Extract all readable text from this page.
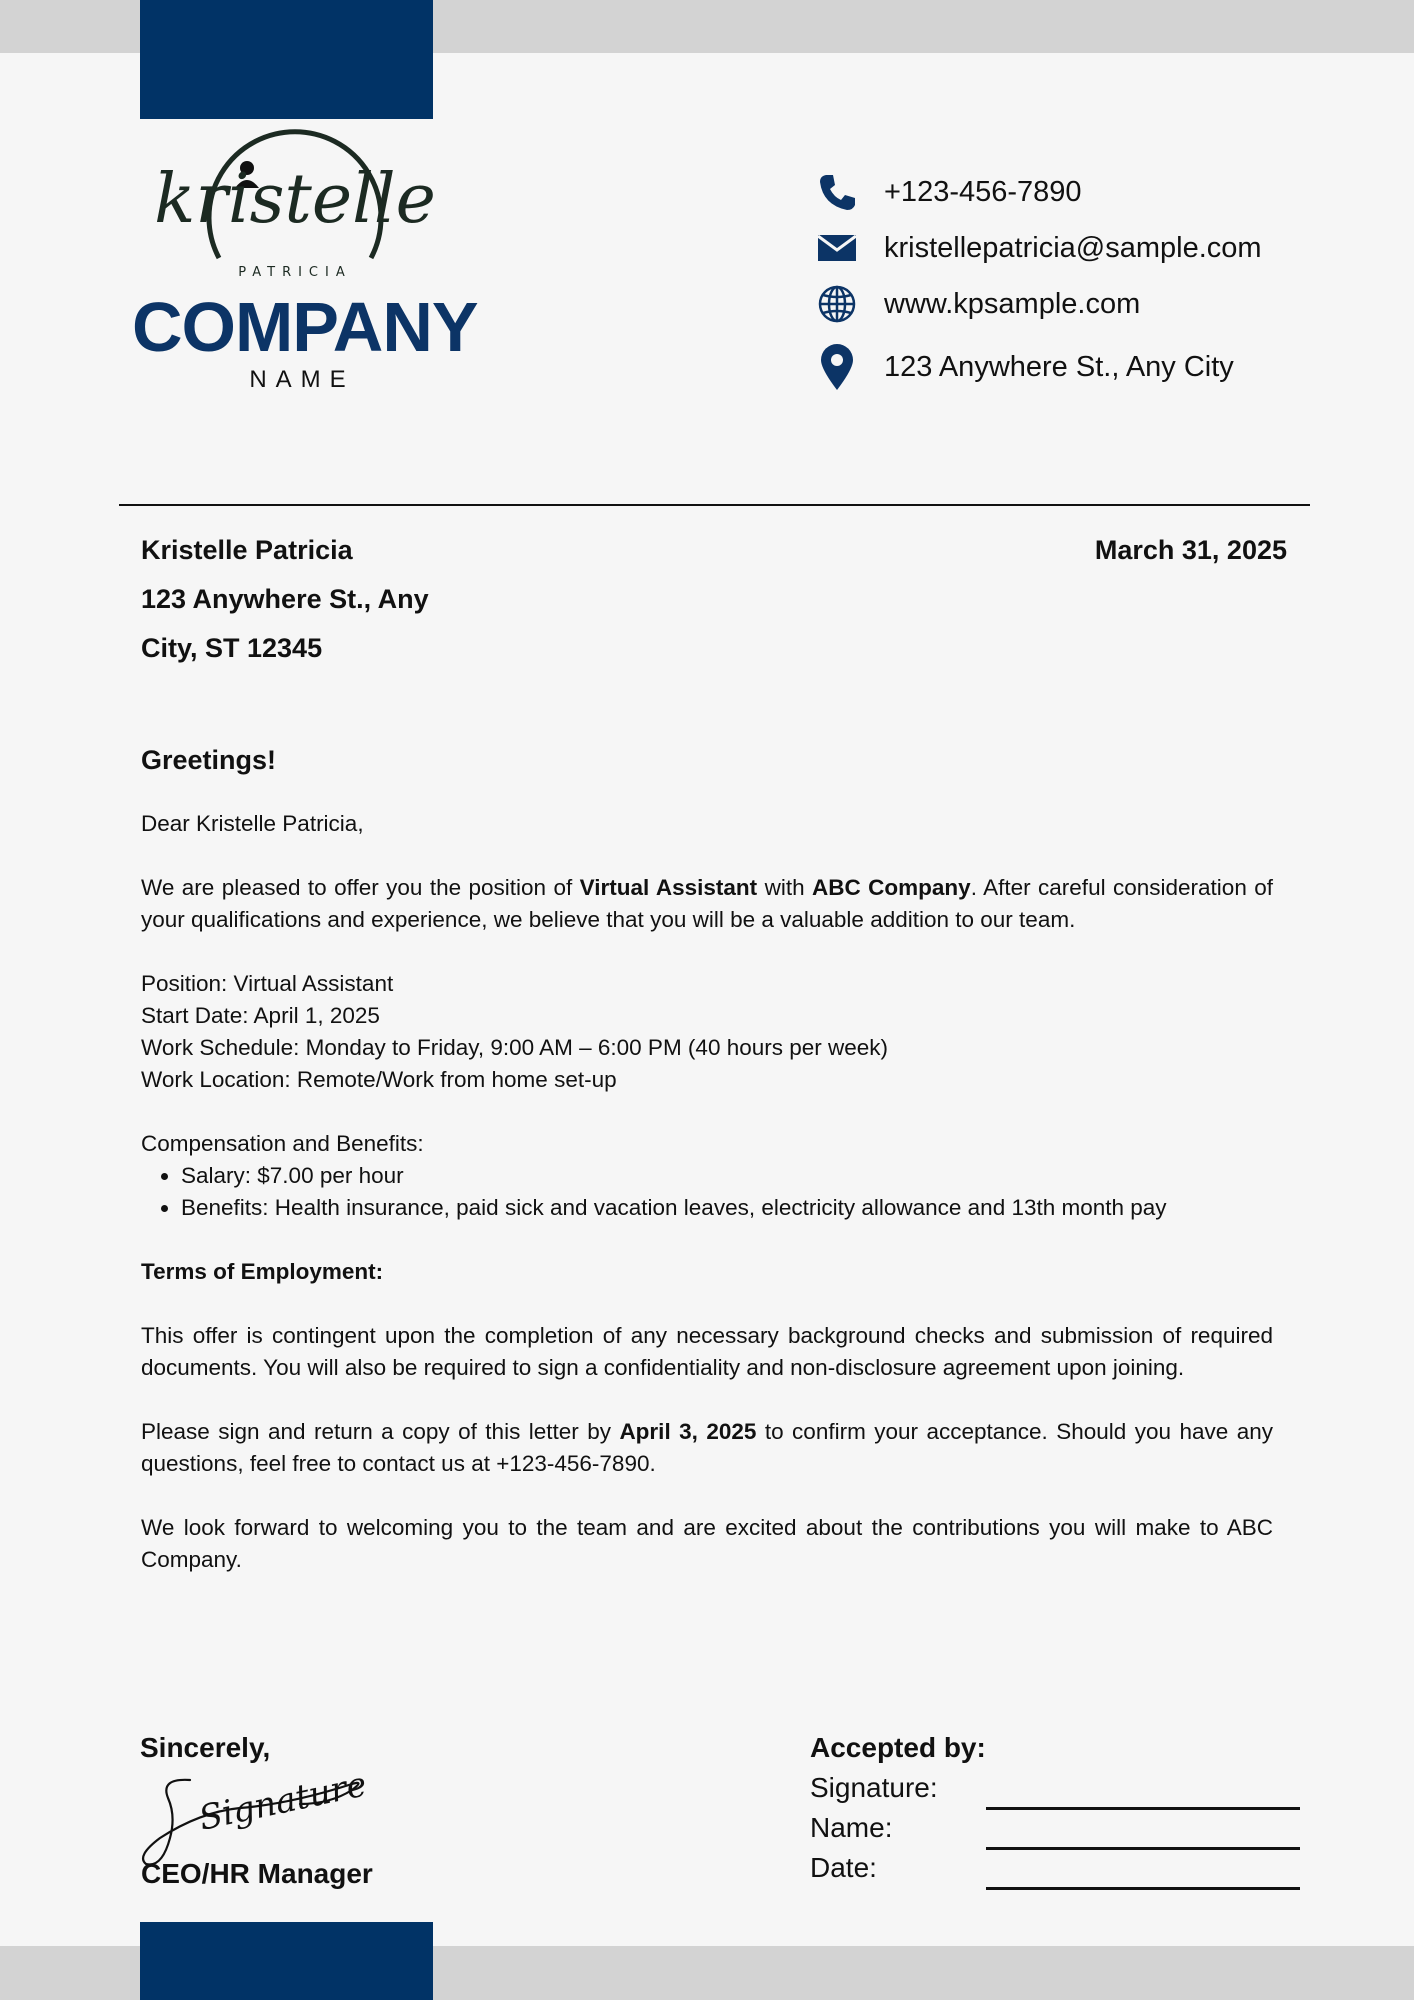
kristelle
PATRICIA
COMPANY
NAME
+123-456-7890
kristellepatricia@sample.com
www.kpsample.com
123 Anywhere St., Any City
Kristelle Patricia
123 Anywhere St., Any
City, ST 12345
March 31, 2025
Greetings!

Dear Kristelle Patricia,

We are pleased to offer you the position of Virtual Assistant with ABC Company. After careful consideration of your qualifications and experience, we believe that you will be a valuable addition to our team.

Position: Virtual Assistant
Start Date: April 1, 2025
Work Schedule: Monday to Friday, 9:00 AM – 6:00 PM (40 hours per week)
Work Location: Remote/Work from home set-up
Compensation and Benefits:
• Salary: $7.00 per hour
• Benefits: Health insurance, paid sick and vacation leaves, electricity allowance and 13th month pay

Terms of Employment:

This offer is contingent upon the completion of any necessary background checks and submission of required documents. You will also be required to sign a confidentiality and non-disclosure agreement upon joining.

Please sign and return a copy of this letter by April 3, 2025 to confirm your acceptance. Should you have any questions, feel free to contact us at +123-456-7890.

We look forward to welcoming you to the team and are excited about the contributions you will make to ABC Company.

Sincerely,
Signature
CEO/HR Manager
Accepted by:
Signature:
Name:
Date:
